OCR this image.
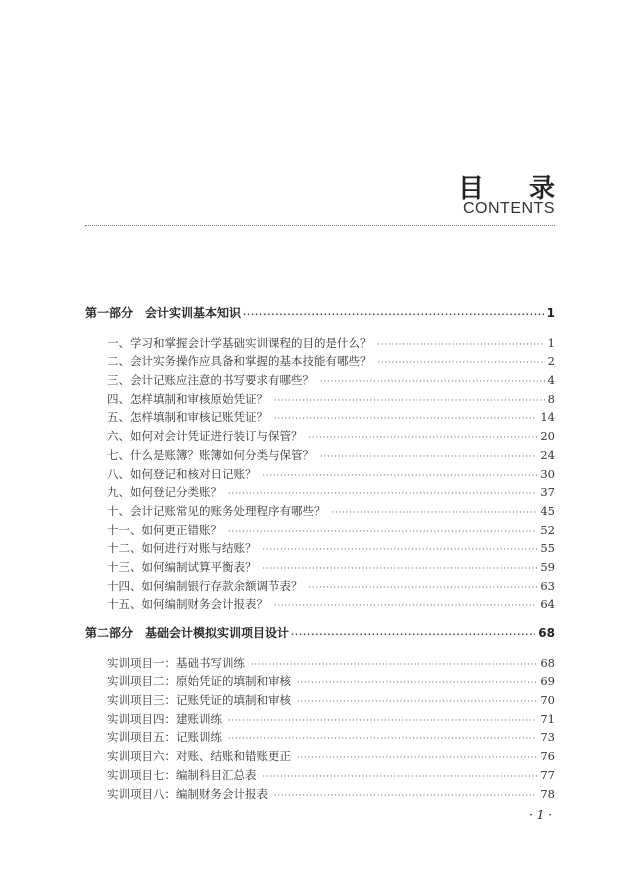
目 录
CONTENTS
第一部分　会计实训基本知识 ·····	1
一、学习和掌握会计学基础实训课程的目的是什么？ ·····	1
二、会计实务操作应具备和掌握的基本技能有哪些？ ·····	2
三、会计记账应注意的书写要求有哪些？ ·····	4
四、怎样填制和审核原始凭证？ ·····	8
五、怎样填制和审核记账凭证？ ·····	14
六、如何对会计凭证进行装订与保管？ ·····	20
七、什么是账簿？账簿如何分类与保管？ ·····	24
八、如何登记和核对日记账？ ·····	30
九、如何登记分类账？ ·····	37
十、会计记账常见的账务处理程序有哪些？ ·····	45
十一、如何更正错账？ ·····	52
十二、如何进行对账与结账？ ·····	55
十三、如何编制试算平衡表？ ·····	59
十四、如何编制银行存款余额调节表？ ·····	63
十五、如何编制财务会计报表？ ·····	64
第二部分　基础会计模拟实训项目设计 ·····	68
实训项目一：基础书写训练 ·····	68
实训项目二：原始凭证的填制和审核 ·····	69
实训项目三：记账凭证的填制和审核 ·····	70
实训项目四：建账训练 ·····	71
实训项目五：记账训练 ·····	73
实训项目六：对账、结账和错账更正 ·····	76
实训项目七：编制科目汇总表 ·····	77
实训项目八：编制财务会计报表 ·····	78
· 1 ·
